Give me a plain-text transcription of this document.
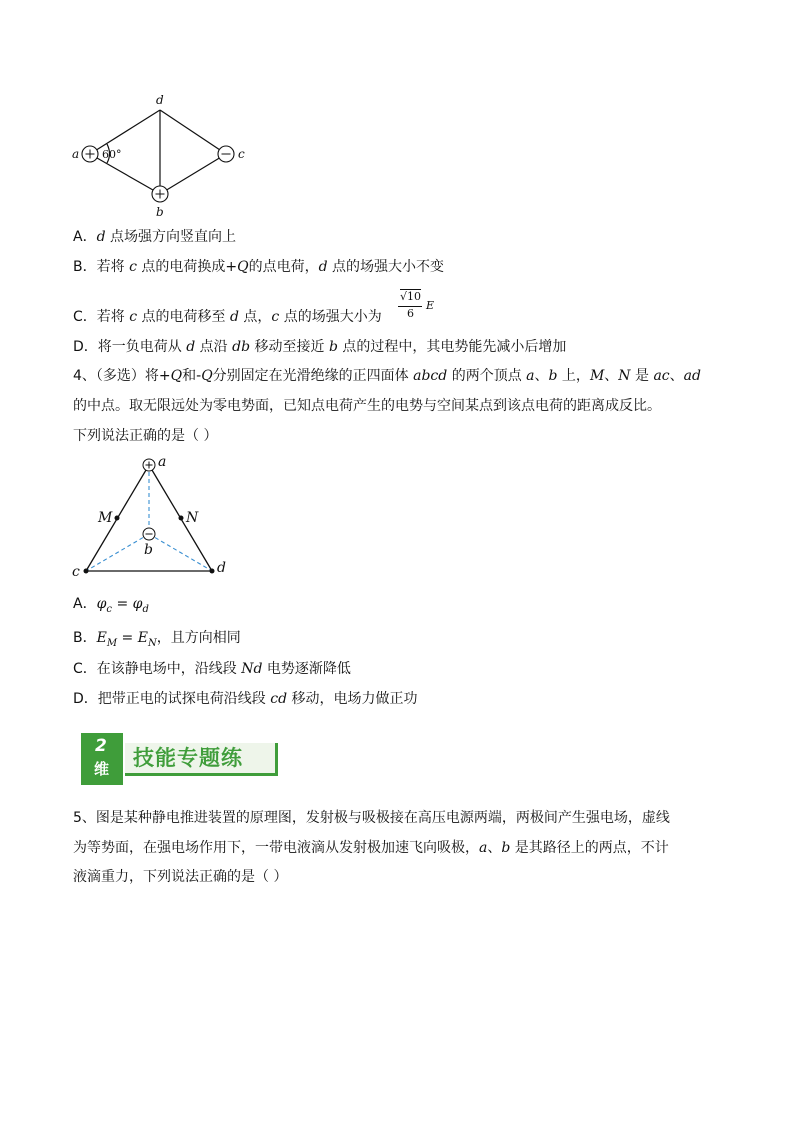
d
a	c
b
60°
A．d 点场强方向竖直向上
B．若将 c 点的电荷换成+Q的点电荷，d 点的场强大小不变
C．若将 c 点的电荷移至 d 点，c 点的场强大小为
√10
6
E
D．将一负电荷从 d 点沿 db 移动至接近 b 点的过程中，其电势能先减小后增加
4、（多选）将+Q和-Q分别固定在光滑绝缘的正四面体 abcd 的两个顶点 a、b 上，M、N 是 ac、ad
的中点。取无限远处为零电势面，已知点电荷产生的电势与空间某点到该点电荷的距离成反比。
下列说法正确的是（ ）
a
M	N
b
c	d
A．$\varphi_c = \varphi_d$
B．$E_M = E_N$，且方向相同
C．在该静电场中，沿线段 Nd 电势逐渐降低
D．把带正电的试探电荷沿线段 cd 移动，电场力做正功
2
维 技能专题练
5、图是某种静电推进装置的原理图，发射极与吸极接在高压电源两端，两极间产生强电场，虚线
为等势面，在强电场作用下，一带电液滴从发射极加速飞向吸极，a、b 是其路径上的两点，不计
液滴重力，下列说法正确的是（ ）
